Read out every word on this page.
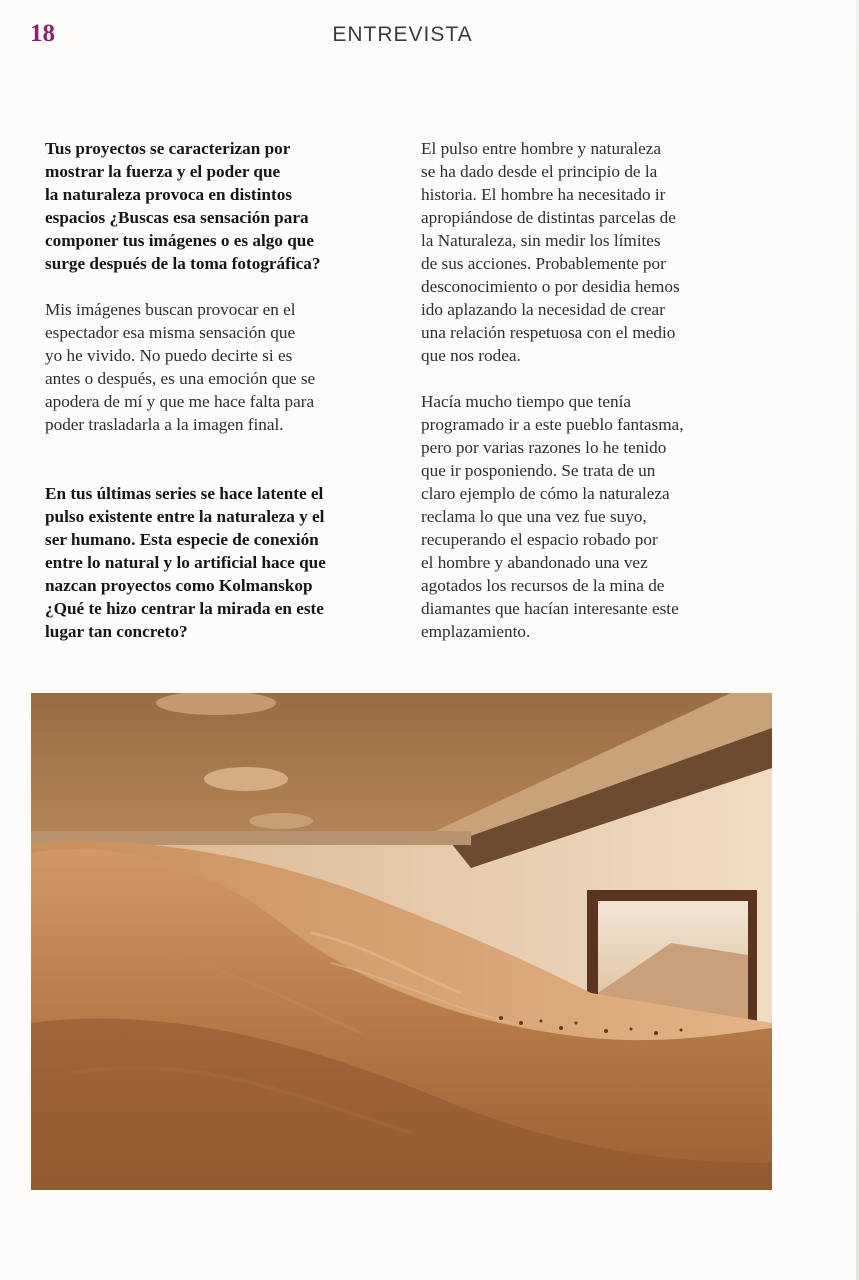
18	ENTREVISTA

Tus proyectos se caracterizan por
mostrar la fuerza y el poder que
la naturaleza provoca en distintos
espacios ¿Buscas esa sensación para
componer tus imágenes o es algo que
surge después de la toma fotográfica?

Mis imágenes buscan provocar en el
espectador esa misma sensación que
yo he vivido. No puedo decirte si es
antes o después, es una emoción que se
apodera de mí y que me hace falta para
poder trasladarla a la imagen final.

En tus últimas series se hace latente el
pulso existente entre la naturaleza y el
ser humano. Esta especie de conexión
entre lo natural y lo artificial hace que
nazcan proyectos como Kolmanskop
¿Qué te hizo centrar la mirada en este
lugar tan concreto?

El pulso entre hombre y naturaleza
se ha dado desde el principio de la
historia. El hombre ha necesitado ir
apropiándose de distintas parcelas de
la Naturaleza, sin medir los límites
de sus acciones. Probablemente por
desconocimiento o por desidia hemos
ido aplazando la necesidad de crear
una relación respetuosa con el medio
que nos rodea.

Hacía mucho tiempo que tenía
programado ir a este pueblo fantasma,
pero por varias razones lo he tenido
que ir posponiendo. Se trata de un
claro ejemplo de cómo la naturaleza
reclama lo que una vez fue suyo,
recuperando el espacio robado por
el hombre y abandonado una vez
agotados los recursos de la mina de
diamantes que hacían interesante este
emplazamiento.
